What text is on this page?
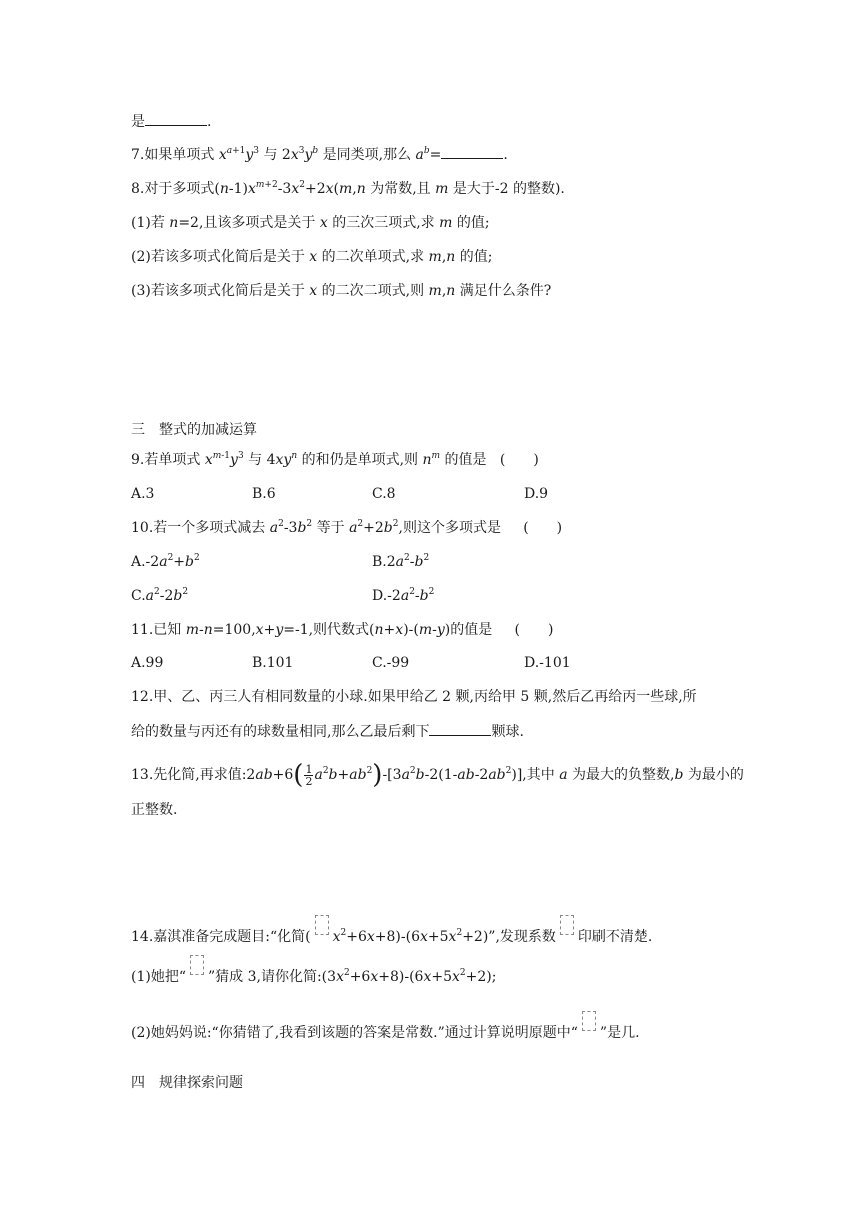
是	.
7.如果单项式 $x^{a+1}y^3$ 与 $2x^3y^b$ 是同类项,那么 $a^b=$	.
8.对于多项式$(n-1)x^{m+2}-3x^2+2x(m,n$ 为常数,且 m 是大于-2 的整数).
(1)若 n=2,且该多项式是关于 x 的三次三项式,求 m 的值;
(2)若该多项式化简后是关于 x 的二次单项式,求 m,n 的值;
(3)若该多项式化简后是关于 x 的二次二项式,则 m,n 满足什么条件?
三　整式的加减运算
9.若单项式 $x^{m-1}y^3$ 与 $4xy^n$ 的和仍是单项式,则 $n^m$ 的值是 (　　)
A.3	B.6	C.8	D.9
10.若一个多项式减去 $a^2-3b^2$ 等于 $a^2+2b^2$,则这个多项式是 (　　)
$A.-2a^2+b^2$	$B.2a^2-b^2$
$C.a^2-2b^2$	$D.-2a^2-b^2$
11.已知 m-n=100,x+y=-1,则代数式(n+x)-(m-y)的值是 (　　)
A.99	B.101	C.-99	D.-101
12.甲、乙、丙三人有相同数量的小球.如果甲给乙 2 颗,丙给甲 5 颗,然后乙再给丙一些球,所
给的数量与丙还有的球数量相同,那么乙最后剩下	颗球.
13.先化简,再求值:2ab+6( $\frac{1}{2} a^2b+ab^2)-[3a^2b-2(1-ab-2ab^2)]$,其中 a 为最大的负整数,b 为最小的
正整数.
14.嘉淇准备完成题目:“化简( $x^2+6x+8)-(6x+5x^2+2)$”,发现系数 印刷不清楚.
(1)她把“ ”猜成 3,请你化简$:(3x^2+6x+8)-(6x+5x^2+2)$;
(2)她妈妈说:“你猜错了,我看到该题的答案是常数.”通过计算说明原题中“ ”是几.
四　规律探索问题
